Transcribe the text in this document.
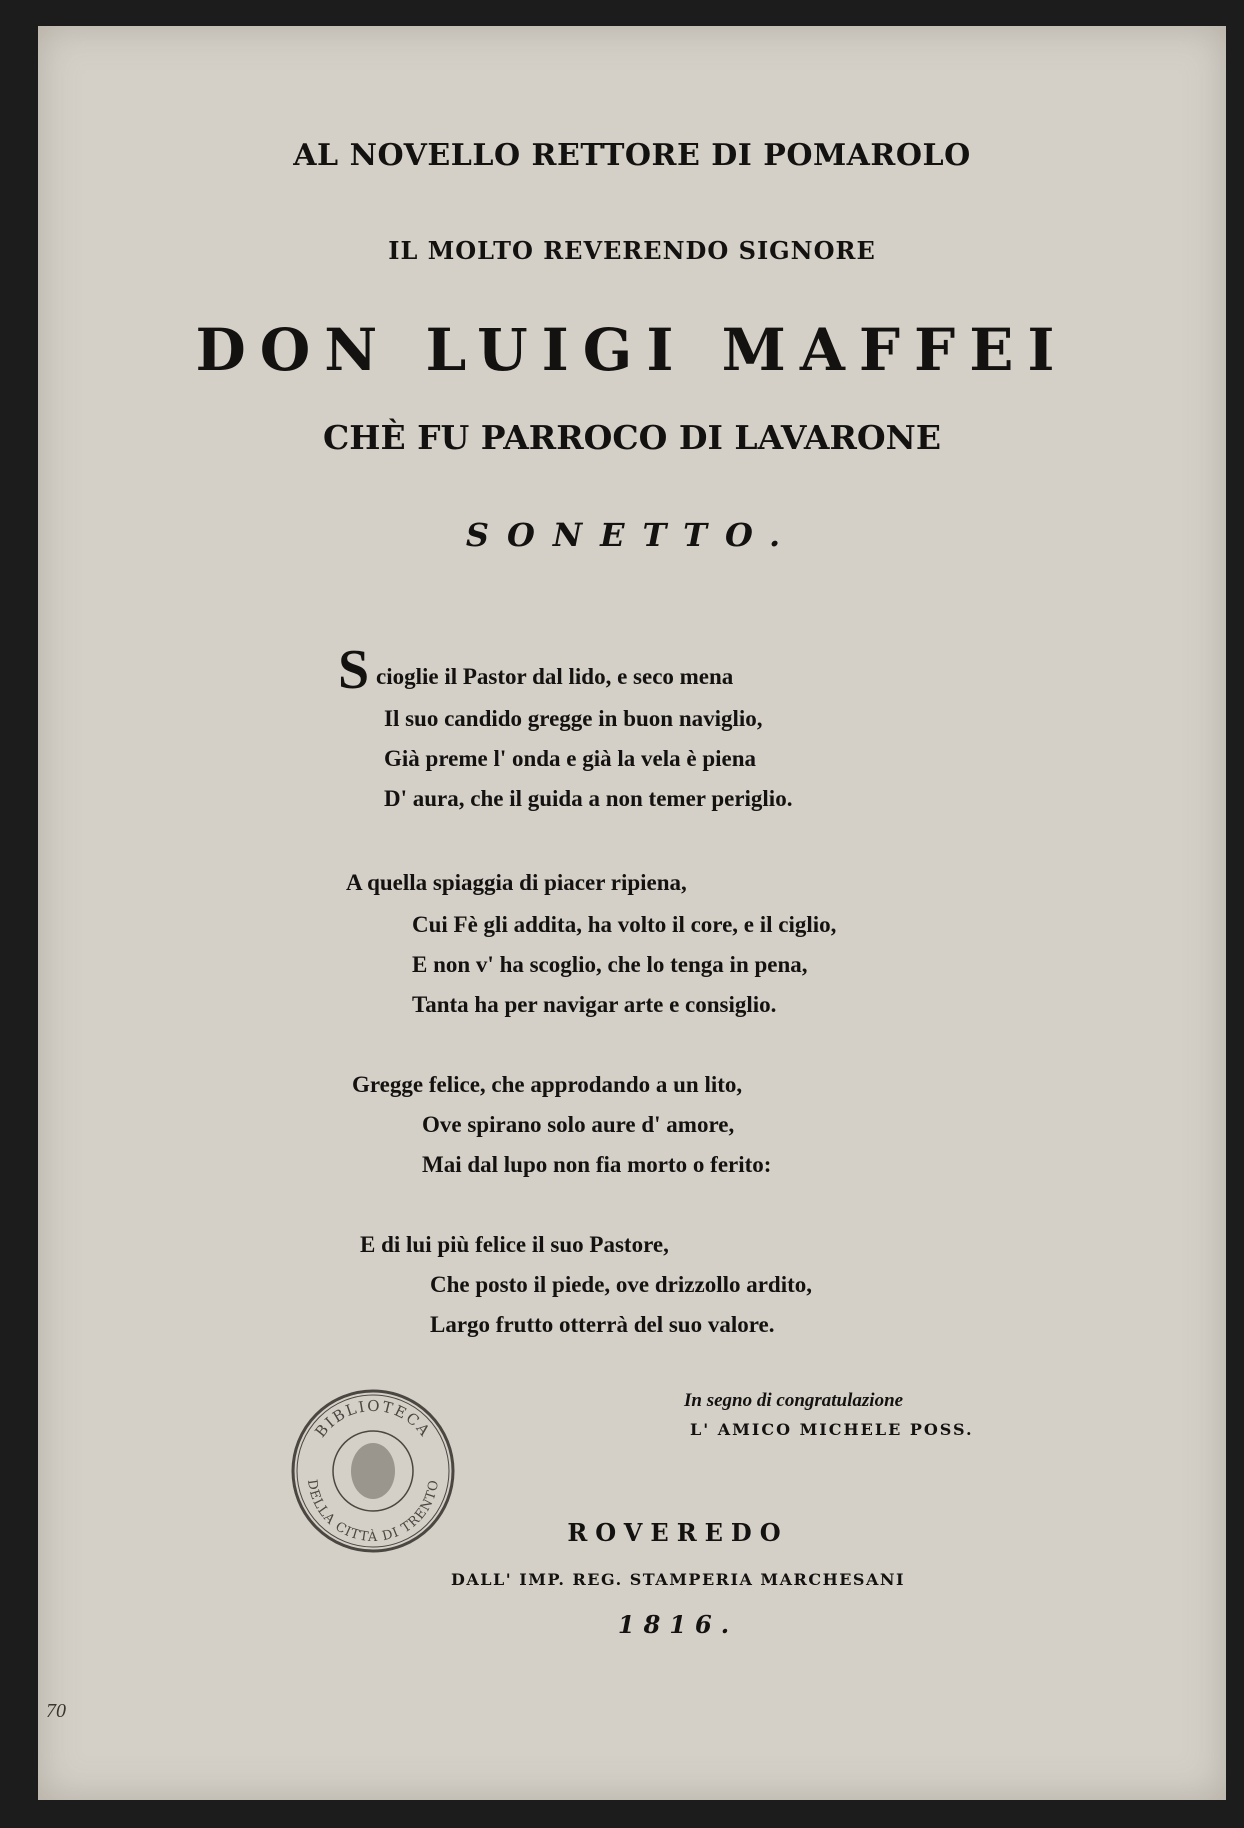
AL NOVELLO RETTORE DI POMAROLO
IL MOLTO REVERENDO SIGNORE
DON LUIGI MAFFEI
CHÈ FU PARROCO DI LAVARONE
SONETTO.
S cioglie il Pastor dal lido, e seco mena
Il suo candido gregge in buon naviglio,
Già preme l' onda e già la vela è piena
D' aura, che il guida a non temer periglio.
A quella spiaggia di piacer ripiena,
Cui Fè gli addita, ha volto il core, e il ciglio,
E non v' ha scoglio, che lo tenga in pena,
Tanta ha per navigar arte e consiglio.
Gregge felice, che approdando a un lito,
Ove spirano solo aure d' amore,
Mai dal lupo non fia morto o ferito:
E di lui più felice il suo Pastore,
Che posto il piede, ove drizzollo ardito,
Largo frutto otterrà del suo valore.
In segno di congratulazione
L' AMICO MICHELE POSS.
BIBLIOTECA
DELLA CITTÀ DI TRENTO
ROVEREDO
DALL' IMP. REG. STAMPERIA MARCHESANI
1816.
70
